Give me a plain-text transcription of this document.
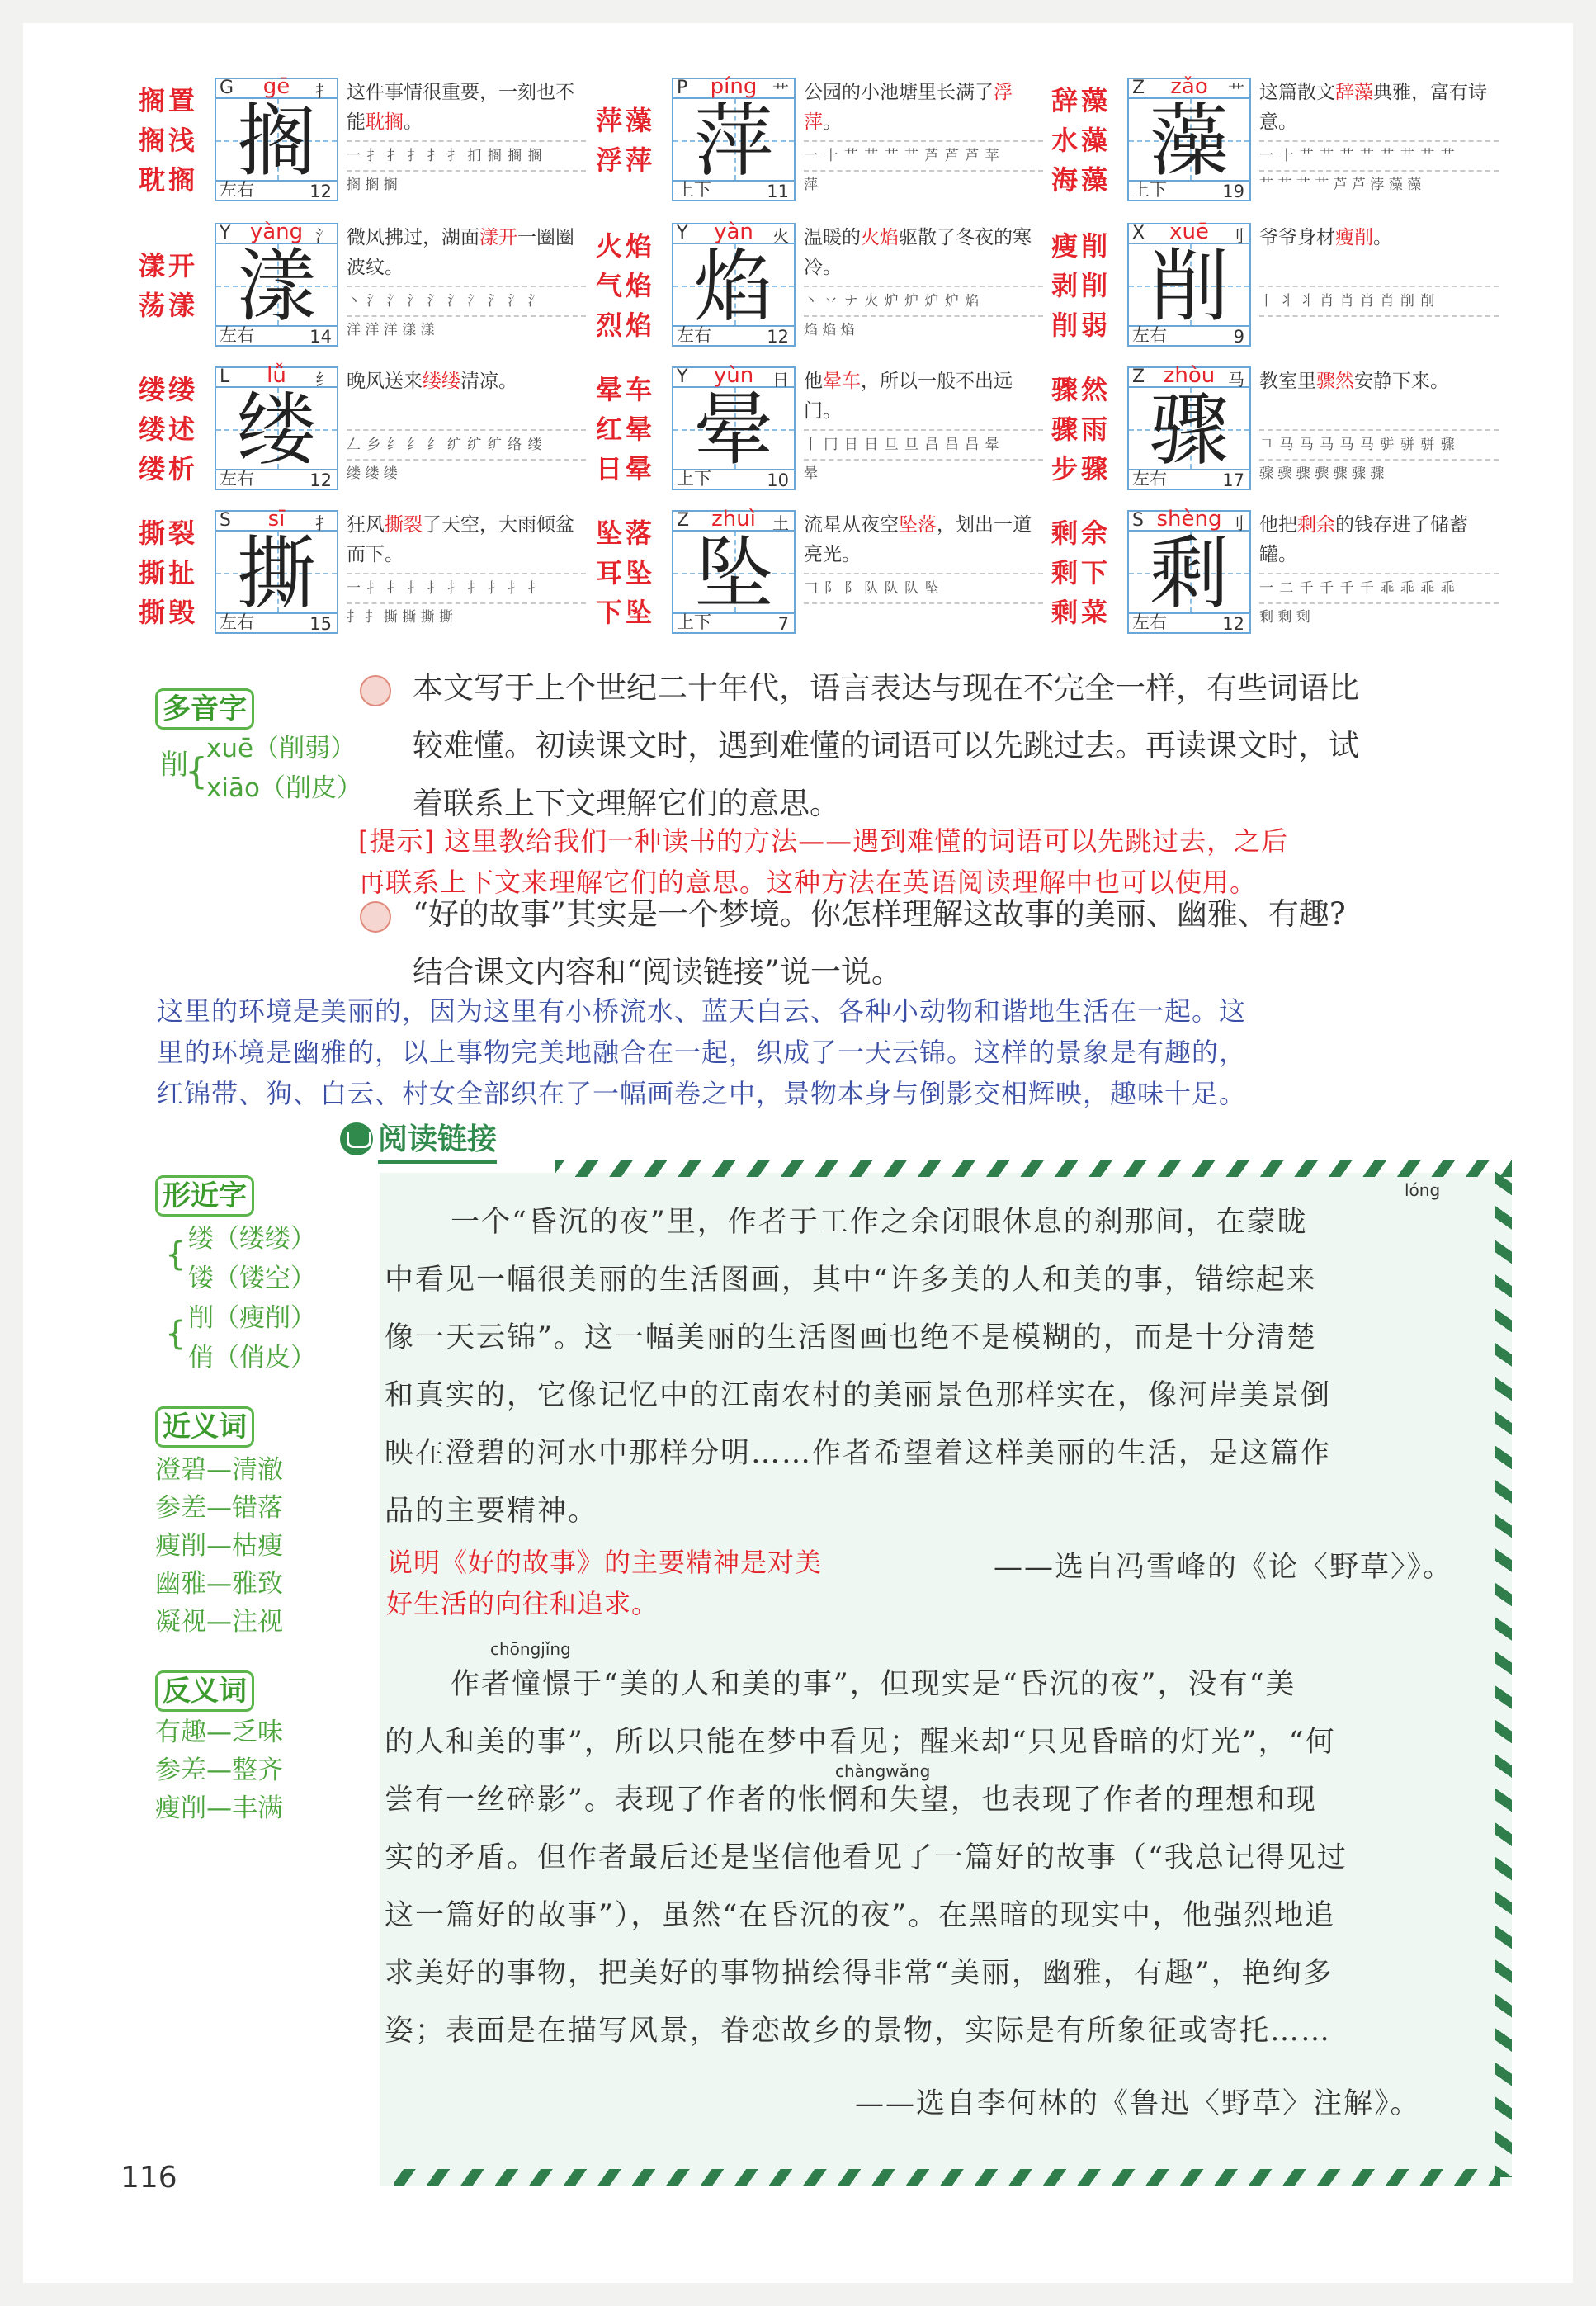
搁置
搁浅
耽搁
G	gē	扌
搁
左右	12
这件事情很重要，一刻也不能耽搁。
一 扌 扌 扌 扌 扌 扪 搁 搁 搁
搁 搁 搁
萍藻
浮萍
P	píng 艹
萍
上下	11
公园的小池塘里长满了浮萍。
一 十 艹 艹 艹 艹 芦 芦 芦 苹
萍
辞藻
水藻
海藻
Z	zǎo	艹
藻
上下	19
这篇散文辞藻典雅，富有诗意。
一 十 艹 艹 艹 艹 艹 艹 艹 艹
艹 艹 艹 艹 芦 芦 浡 藻 藻
漾开
荡漾
Y yàng 氵
漾
左右	14
微风拂过，湖面漾开一圈圈波纹。
丶 氵 氵 氵 氵 氵 氵 氵 氵 氵
洋 洋 洋 漾 漾
火焰
气焰
烈焰
Y	yàn	火
焰
左右	12
温暖的火焰驱散了冬夜的寒冷。
丶 丷 ナ 火 炉 炉 炉 炉 焰
焰 焰 焰
瘦削
剥削
削弱
X	xuē	刂
削
左右	9
爷爷身材瘦削。
丨 丬 丬 肖 肖 肖 肖 削 削
缕缕
缕述
缕析
L	lǚ	纟
缕
左右	12
晚风送来缕缕清凉。
𠃋 乡 纟 纟 纟 纩 纩 纩 络 缕
缕 缕 缕
晕车
红晕
日晕
Y	yùn	日
晕
上下	10
他晕车，所以一般不出远门。
丨 冂 日 日 旦 旦 昌 昌 昌 晕
晕
骤然
骤雨
步骤
Z zhòu 马
骤
左右	17
教室里骤然安静下来。
𠃍 马 马 马 马 马 骈 骈 骈 骤
骤 骤 骤 骤 骤 骤 骤
撕裂
撕扯
撕毁
S	sī	扌
撕
左右	15
狂风撕裂了天空，大雨倾盆而下。
一 扌 扌 扌 扌 扌 扌 扌 扌 扌
扌 扌 撕 撕 撕 撕
坠落
耳坠
下坠
Z	zhuì	土
坠
上下	7
流星从夜空坠落，划出一道亮光。
𠃌 阝 阝 队 队 队 坠
剩余
剩下
剩菜
S shèng 刂
剩
左右	12
他把剩余的钱存进了储蓄罐。
一 二 千 千 千 千 乖 乖 乖 乖
剩 剩 剩
多音字
削
{
xuē（削弱）
xiāo（削皮）
本文写于上个世纪二十年代，语言表达与现在不完全一样，有些词语比
较难懂。初读课文时，遇到难懂的词语可以先跳过去。再读课文时，试
着联系上下文理解它们的意思。
[提示] 这里教给我们一种读书的方法——遇到难懂的词语可以先跳过去，之后
再联系上下文来理解它们的意思。这种方法在英语阅读理解中也可以使用。
“好的故事”其实是一个梦境。你怎样理解这故事的美丽、幽雅、有趣?
结合课文内容和“阅读链接”说一说。
这里的环境是美丽的，因为这里有小桥流水、蓝天白云、各种小动物和谐地生活在一起。这
里的环境是幽雅的，以上事物完美地融合在一起，织成了一天云锦。这样的景象是有趣的，
红锦带、狗、白云、村女全部织在了一幅画卷之中，景物本身与倒影交相辉映，趣味十足。
阅读链接
形近字
缕（缕缕）
镂（镂空）
削（瘦削）
俏（俏皮）
{
{
近义词
澄碧—清澈
参差—错落
瘦削—枯瘦
幽雅—雅致
凝视—注视
反义词
有趣—乏味
参差—整齐
瘦削—丰满
lóng
一个“昏沉的夜”里，作者于工作之余闭眼休息的刹那间，在蒙眬
中看见一幅很美丽的生活图画，其中“许多美的人和美的事，错综起来
像一天云锦”。这一幅美丽的生活图画也绝不是模糊的，而是十分清楚
和真实的，它像记忆中的江南农村的美丽景色那样实在，像河岸美景倒
映在澄碧的河水中那样分明……作者希望着这样美丽的生活，是这篇作
品的主要精神。
说明《好的故事》的主要精神是对美
好生活的向往和追求。
——选自冯雪峰的《论〈野草〉》。
chōngjǐng
chàngwǎng
作者憧憬于“美的人和美的事”，但现实是“昏沉的夜”，没有“美
的人和美的事”，所以只能在梦中看见；醒来却“只见昏暗的灯光”，“何
尝有一丝碎影”。表现了作者的怅惘和失望，也表现了作者的理想和现
实的矛盾。但作者最后还是坚信他看见了一篇好的故事（“我总记得见过
这一篇好的故事”），虽然“在昏沉的夜”。在黑暗的现实中，他强烈地追
求美好的事物，把美好的事物描绘得非常“美丽，幽雅，有趣”，艳绚多
姿；表面是在描写风景，眷恋故乡的景物，实际是有所象征或寄托……
——选自李何林的《鲁迅〈野草〉注解》。
116
